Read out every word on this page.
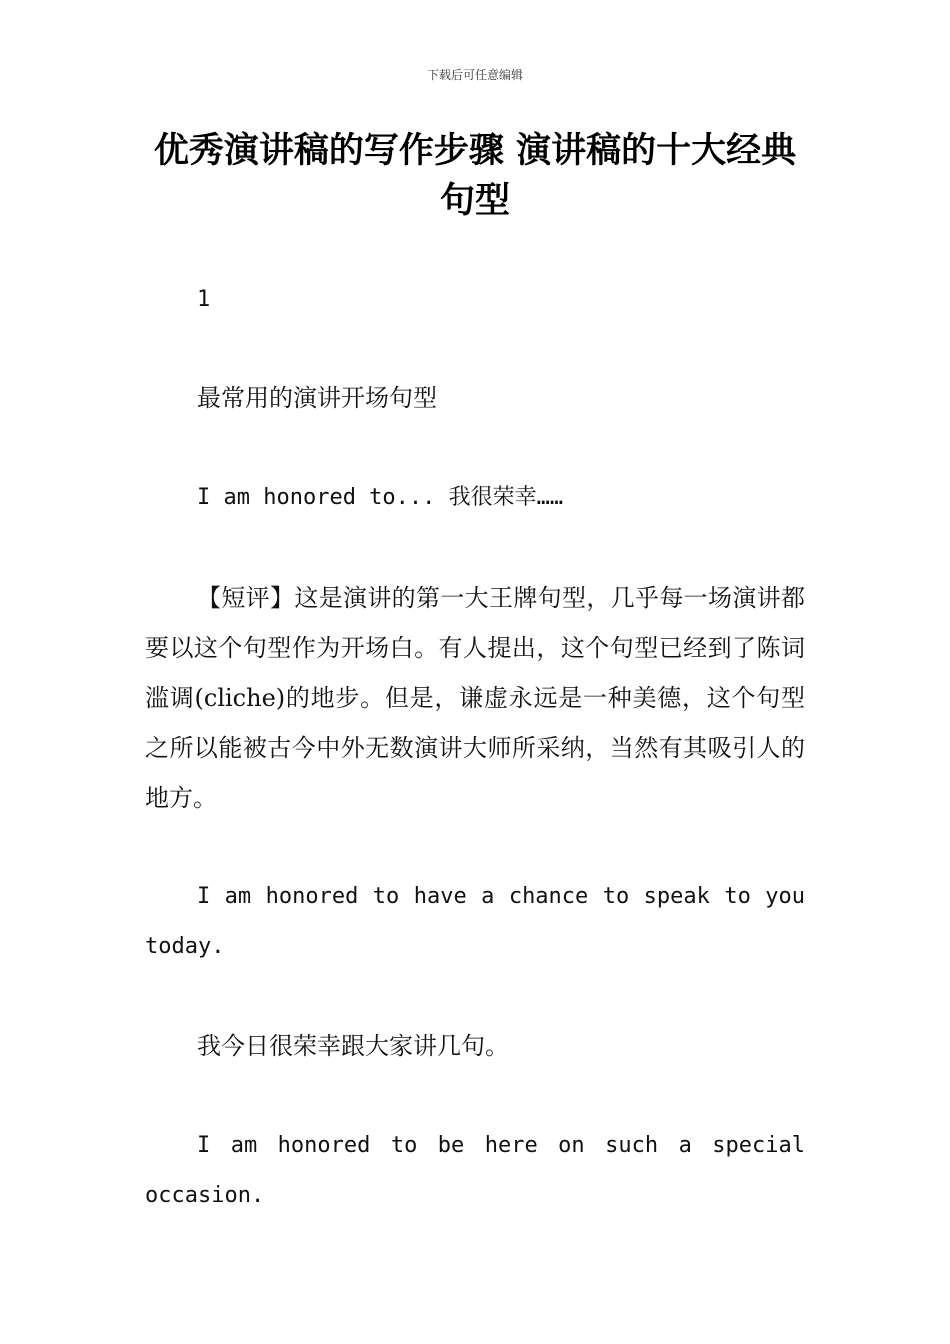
下载后可任意编辑
优秀演讲稿的写作步骤 演讲稿的十大经典句型

1

最常用的演讲开场句型

I am honored to... 我很荣幸……

【短评】这是演讲的第一大王牌句型，几乎每一场演讲都要以这个句型作为开场白。有人提出，这个句型已经到了陈词滥调(cliche)的地步。但是，谦虚永远是一种美德，这个句型之所以能被古今中外无数演讲大师所采纳，当然有其吸引人的地方。

I am honored to have a chance to speak to you today.

我今日很荣幸跟大家讲几句。

I am honored to be here on such a special occasion.
